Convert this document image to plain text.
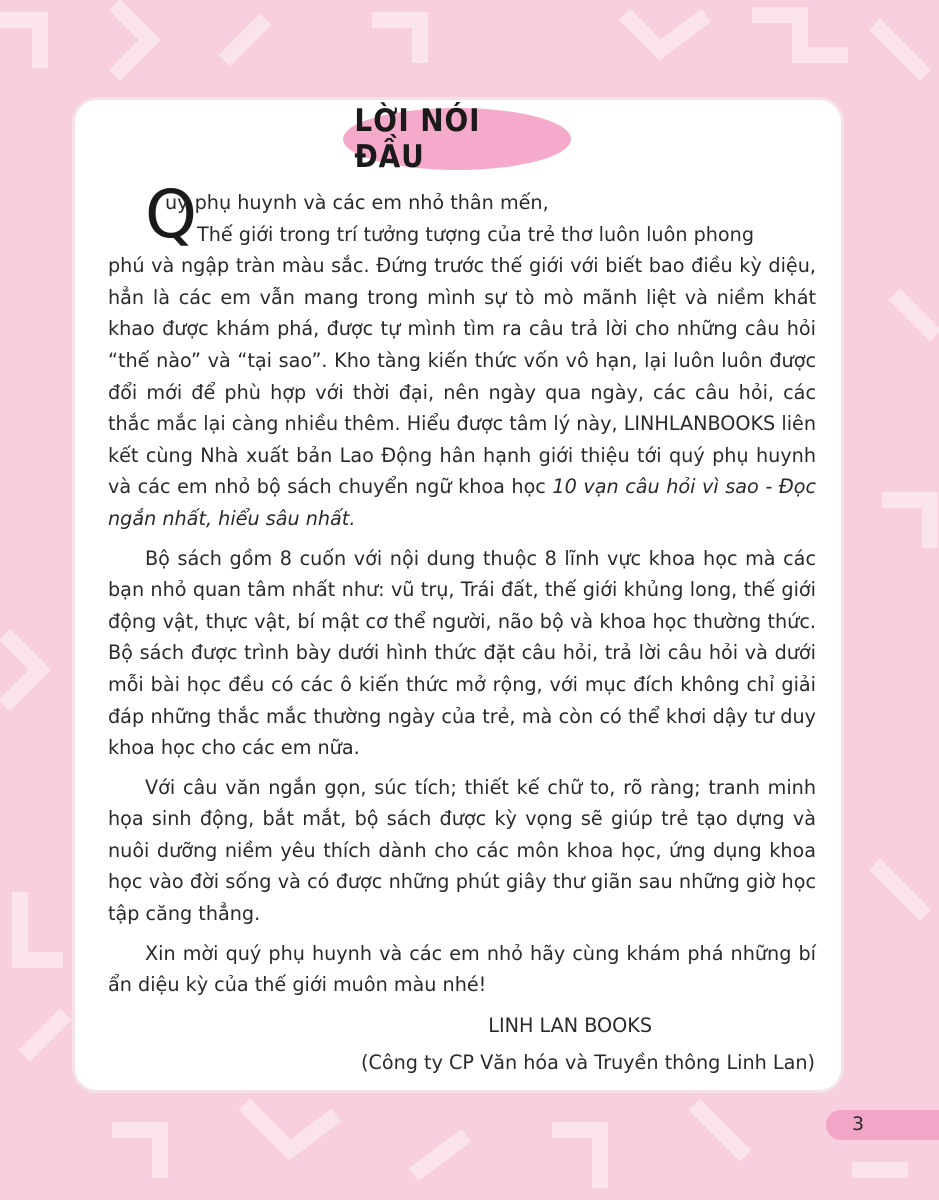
LỜI NÓI ĐẦU
Q

uý phụ huynh và các em nhỏ thân mến,

Thế giới trong trí tưởng tượng của trẻ thơ luôn luôn phong

phú và ngập tràn màu sắc. Đứng trước thế giới với biết bao điều kỳ diệu, hẳn là các em vẫn mang trong mình sự tò mò mãnh liệt và niềm khát khao được khám phá, được tự mình tìm ra câu trả lời cho những câu hỏi “thế nào” và “tại sao”. Kho tàng kiến thức vốn vô hạn, lại luôn luôn được đổi mới để phù hợp với thời đại, nên ngày qua ngày, các câu hỏi, các thắc mắc lại càng nhiều thêm. Hiểu được tâm lý này, LINHLANBOOKS liên kết cùng Nhà xuất bản Lao Động hân hạnh giới thiệu tới quý phụ huynh và các em nhỏ bộ sách chuyển ngữ khoa học 10 vạn câu hỏi vì sao - Đọc ngắn nhất, hiểu sâu nhất.

Bộ sách gồm 8 cuốn với nội dung thuộc 8 lĩnh vực khoa học mà các bạn nhỏ quan tâm nhất như: vũ trụ, Trái đất, thế giới khủng long, thế giới động vật, thực vật, bí mật cơ thể người, não bộ và khoa học thường thức. Bộ sách được trình bày dưới hình thức đặt câu hỏi, trả lời câu hỏi và dưới mỗi bài học đều có các ô kiến thức mở rộng, với mục đích không chỉ giải đáp những thắc mắc thường ngày của trẻ, mà còn có thể khơi dậy tư duy khoa học cho các em nữa.

Với câu văn ngắn gọn, súc tích; thiết kế chữ to, rõ ràng; tranh minh họa sinh động, bắt mắt, bộ sách được kỳ vọng sẽ giúp trẻ tạo dựng và nuôi dưỡng niềm yêu thích dành cho các môn khoa học, ứng dụng khoa học vào đời sống và có được những phút giây thư giãn sau những giờ học tập căng thẳng.

Xin mời quý phụ huynh và các em nhỏ hãy cùng khám phá những bí ẩn diệu kỳ của thế giới muôn màu nhé!

LINH LAN BOOKS
(Công ty CP Văn hóa và Truyền thông Linh Lan)
3
